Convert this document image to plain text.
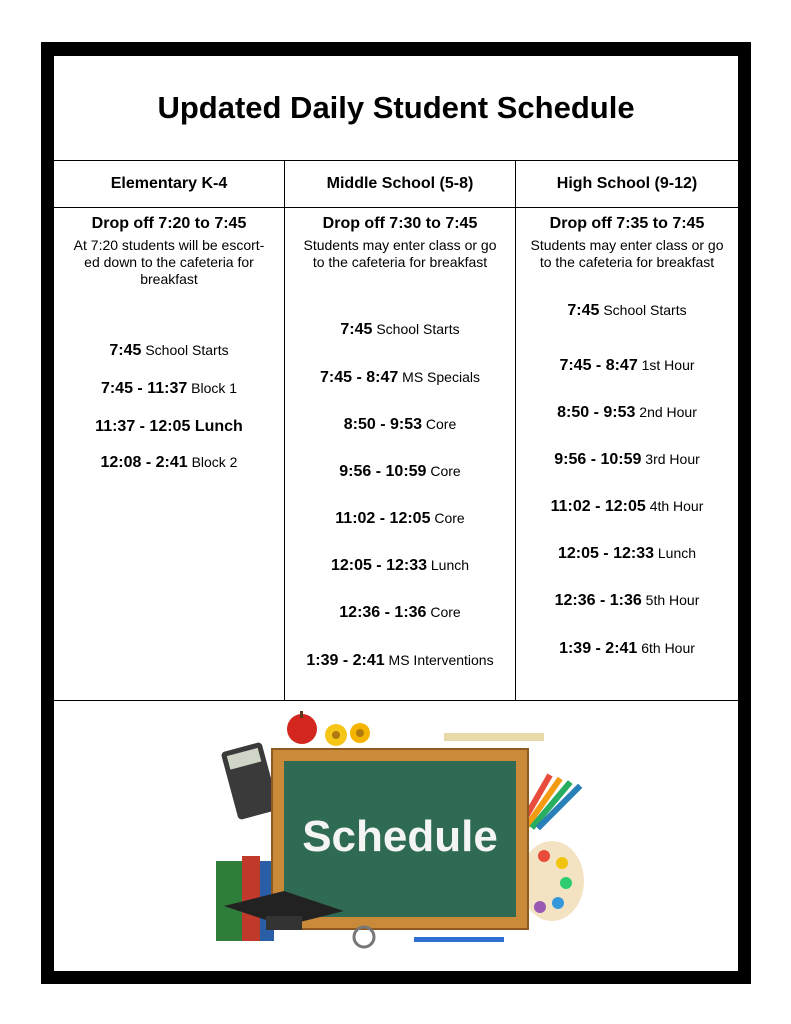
Updated Daily Student Schedule
Elementary K-4
Drop off 7:20 to 7:45
At 7:20 students will be escort-
ed down to the cafeteria for
breakfast
7:45 School Starts
7:45 - 11:37 Block 1
11:37 - 12:05 Lunch
12:08 - 2:41 Block 2
Middle School (5-8)
Drop off 7:30 to 7:45
Students may enter class or go
to the cafeteria for breakfast
7:45 School Starts
7:45 - 8:47 MS Specials
8:50 - 9:53 Core
9:56 - 10:59 Core
11:02 - 12:05 Core
12:05 - 12:33 Lunch
12:36 - 1:36 Core
1:39 - 2:41 MS Interventions
High School (9-12)
Drop off 7:35 to 7:45
Students may enter class or go
to the cafeteria for breakfast
7:45 School Starts
7:45 - 8:47 1st Hour
8:50 - 9:53 2nd Hour
9:56 - 10:59 3rd Hour
11:02 - 12:05 4th Hour
12:05 - 12:33 Lunch
12:36 - 1:36 5th Hour
1:39 - 2:41 6th Hour
Schedule
